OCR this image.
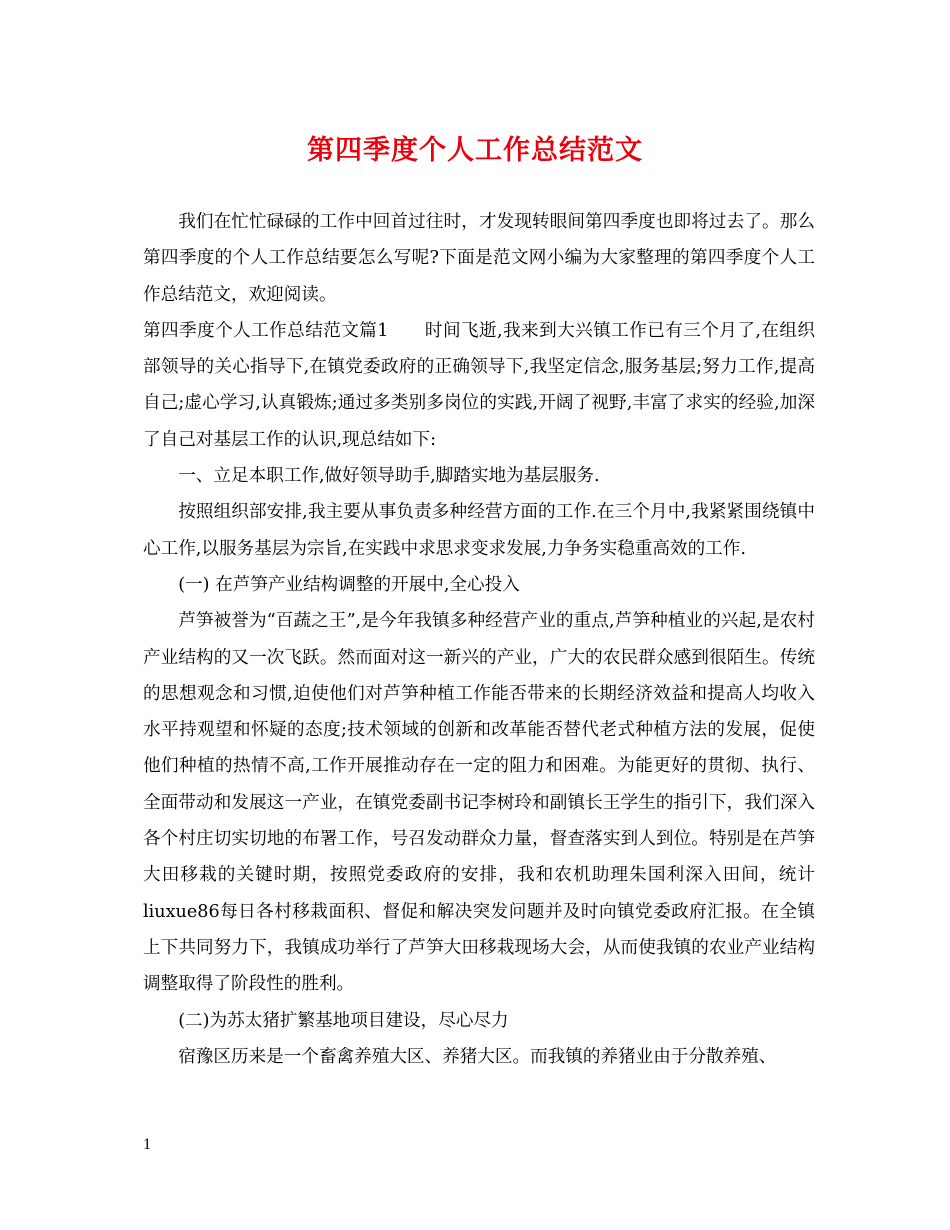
第四季度个人工作总结范文

我们在忙忙碌碌的工作中回首过往时，才发现转眼间第四季度也即将过去了。那么第四季度的个人工作总结要怎么写呢?下面是范文网小编为大家整理的第四季度个人工作总结范文，欢迎阅读。

第四季度个人工作总结范文篇1　　时间飞逝,我来到大兴镇工作已有三个月了,在组织部领导的关心指导下,在镇党委政府的正确领导下,我坚定信念,服务基层;努力工作,提高自己;虚心学习,认真锻炼;通过多类别多岗位的实践,开阔了视野,丰富了求实的经验,加深了自己对基层工作的认识,现总结如下:

一、立足本职工作,做好领导助手,脚踏实地为基层服务.

按照组织部安排,我主要从事负责多种经营方面的工作.在三个月中,我紧紧围绕镇中心工作,以服务基层为宗旨,在实践中求思求变求发展,力争务实稳重高效的工作.

(一) 在芦笋产业结构调整的开展中,全心投入

芦笋被誉为“百蔬之王”,是今年我镇多种经营产业的重点,芦笋种植业的兴起,是农村产业结构的又一次飞跃。然而面对这一新兴的产业，广大的农民群众感到很陌生。传统的思想观念和习惯,迫使他们对芦笋种植工作能否带来的长期经济效益和提高人均收入水平持观望和怀疑的态度;技术领域的创新和改革能否替代老式种植方法的发展，促使他们种植的热情不高,工作开展推动存在一定的阻力和困难。为能更好的贯彻、执行、全面带动和发展这一产业，在镇党委副书记李树玲和副镇长王学生的指引下，我们深入各个村庄切实切地的布署工作，号召发动群众力量，督查落实到人到位。特别是在芦笋大田移栽的关键时期，按照党委政府的安排，我和农机助理朱国利深入田间，统计liuxue86每日各村移栽面积、督促和解决突发问题并及时向镇党委政府汇报。在全镇上下共同努力下，我镇成功举行了芦笋大田移栽现场大会，从而使我镇的农业产业结构调整取得了阶段性的胜利。

(二)为苏太猪扩繁基地项目建设，尽心尽力

宿豫区历来是一个畜禽养殖大区、养猪大区。而我镇的养猪业由于分散养殖、

1
